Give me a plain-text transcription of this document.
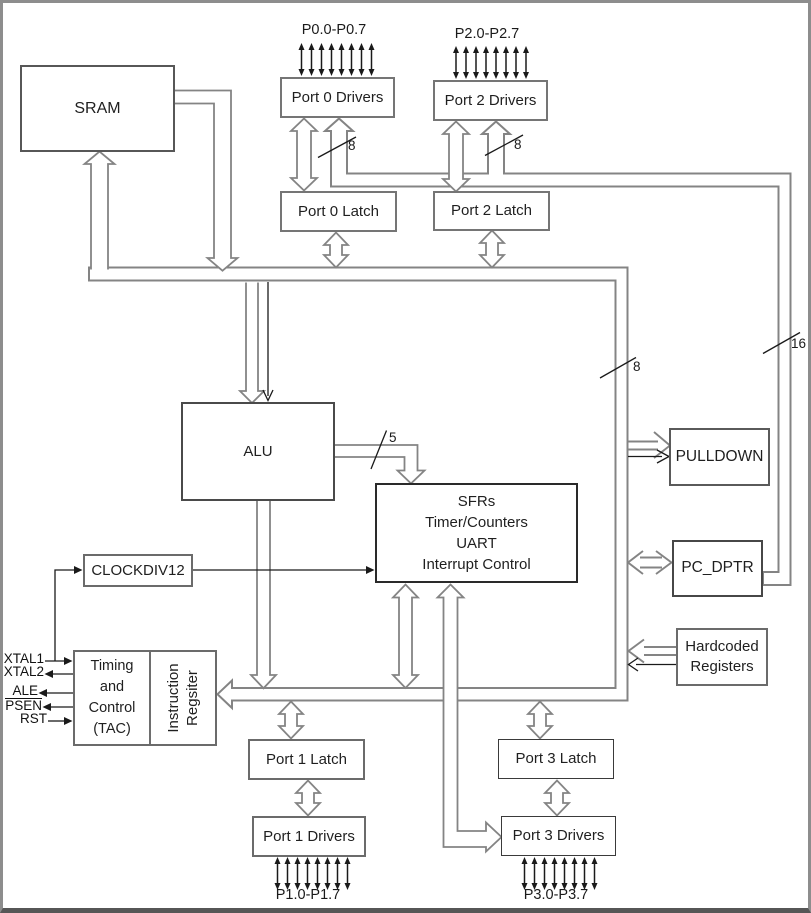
8	8
8
16
5
SRAM
Port 0 Drivers	Port 2 Drivers
Port 0 Latch	Port 2 Latch
ALU
SFRs
Timer/Counters
UART
Interrupt Control
CLOCKDIV12
PULLDOWN
PC_DPTR
Hardcoded
Registers
Timing
and
Control
(TAC) Instruction Regsiter
Port 1 Latch
Port 1 Drivers
Port 3 Latch
Port 3 Drivers
P0.0-P0.7	P2.0-P2.7
P1.0-P1.7	P3.0-P3.7
XTAL1
XTAL2
ALE
PSEN
RST
